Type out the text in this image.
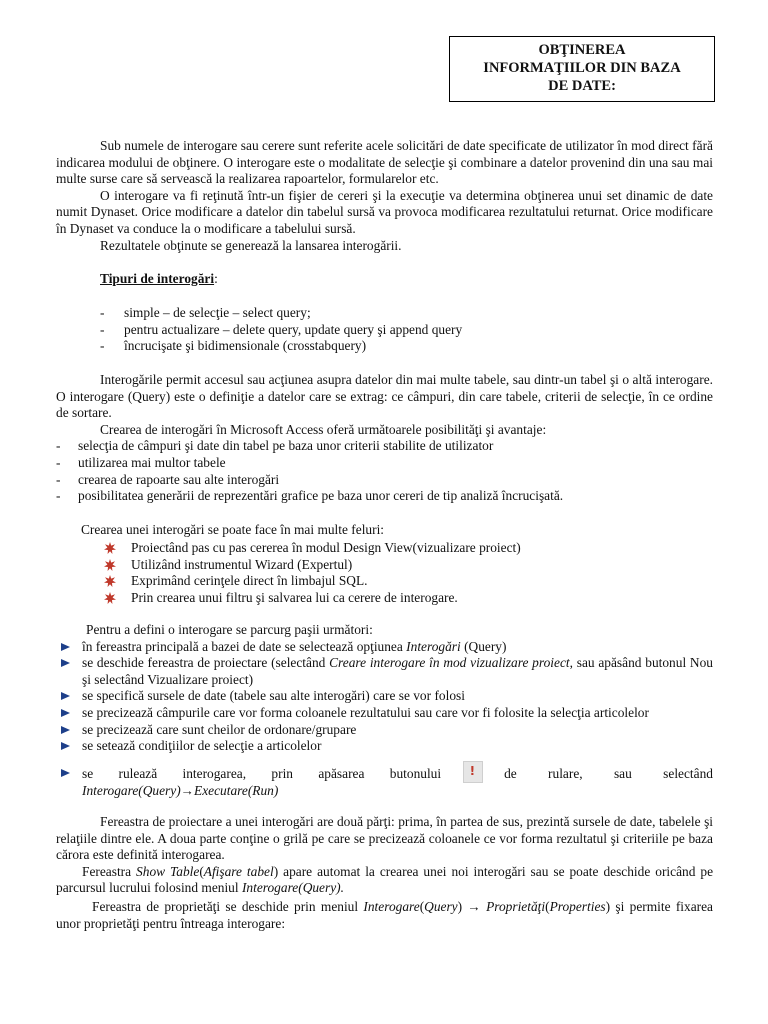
OBŢINEREA
INFORMAŢIILOR DIN BAZA
DE DATE:

Sub numele de interogare sau cerere sunt referite acele solicitări de date specificate de utilizator în mod direct fără indicarea modului de obţinere. O interogare este o modalitate de selecţie şi combinare a datelor provenind din una sau mai multe surse care să servească la realizarea rapoartelor, formularelor etc.

O interogare va fi reţinută într-un fişier de cereri şi la execuţie va determina obţinerea unui set dinamic de date numit Dynaset. Orice modificare a datelor din tabelul sursă va provoca modificarea rezultatului returnat. Orice modificare în Dynaset va conduce la o modificare a tabelului sursă.

Rezultatele obţinute se generează la lansarea interogării.

Tipuri de interogări:

- simple – de selecţie – select query;
- pentru actualizare – delete query, update query şi append query
- încrucişate şi bidimensionale (crosstabquery)

Interogările permit accesul sau acţiunea asupra datelor din mai multe tabele, sau dintr-un tabel şi o altă interogare. O interogare (Query) este o definiţie a datelor care se extrag: ce câmpuri, din care tabele, criterii de selecţie, în ce ordine de sortare.

Crearea de interogări în Microsoft Access oferă următoarele posibilităţi şi avantaje:

- selecţia de câmpuri şi date din tabel pe baza unor criterii stabilite de utilizator
- utilizarea mai multor tabele
- crearea de rapoarte sau alte interogări
- posibilitatea generării de reprezentări grafice pe baza unor cereri de tip analiză încrucişată.

Crearea unei interogări se poate face în mai multe feluri:

Proiectând pas cu pas cererea în modul Design View(vizualizare proiect)
Utilizând instrumentul Wizard (Expertul)
Exprimând cerinţele direct în limbajul SQL.
Prin crearea unui filtru şi salvarea lui ca cerere de interogare.

Pentru a defini o interogare se parcurg paşii următori:

în fereastra principală a bazei de date se selectează opţiunea Interogări (Query)

se deschide fereastra de proiectare (selectând Creare interogare în mod vizualizare proiect, sau apăsând butonul Nou şi selectând Vizualizare proiect)

se specifică sursele de date (tabele sau alte interogări) care se vor folosi

se precizează câmpurile care vor forma coloanele rezultatului sau care vor fi folosite la selecţia articolelor

se precizează care sunt cheilor de ordonare/grupare

se setează condiţiilor de selecţie a articolelor

se rulează interogarea, prin apăsarea butonului ! de rulare, sau selectând

Interogare(Query)→Executare(Run)

Fereastra de proiectare a unei interogări are două părţi: prima, în partea de sus, prezintă sursele de date, tabelele şi relaţiile dintre ele. A doua parte conţine o grilă pe care se precizează coloanele ce vor forma rezultatul şi criteriile pe baza cărora este definită interogarea.

Fereastra Show Table(Afişare tabel) apare automat la crearea unei noi interogări sau se poate deschide oricând pe parcursul lucrului folosind meniul Interogare(Query).

Fereastra de proprietăţi se deschide prin meniul Interogare(Query) → Proprietăţi(Properties) şi permite fixarea unor proprietăţi pentru întreaga interogare:
